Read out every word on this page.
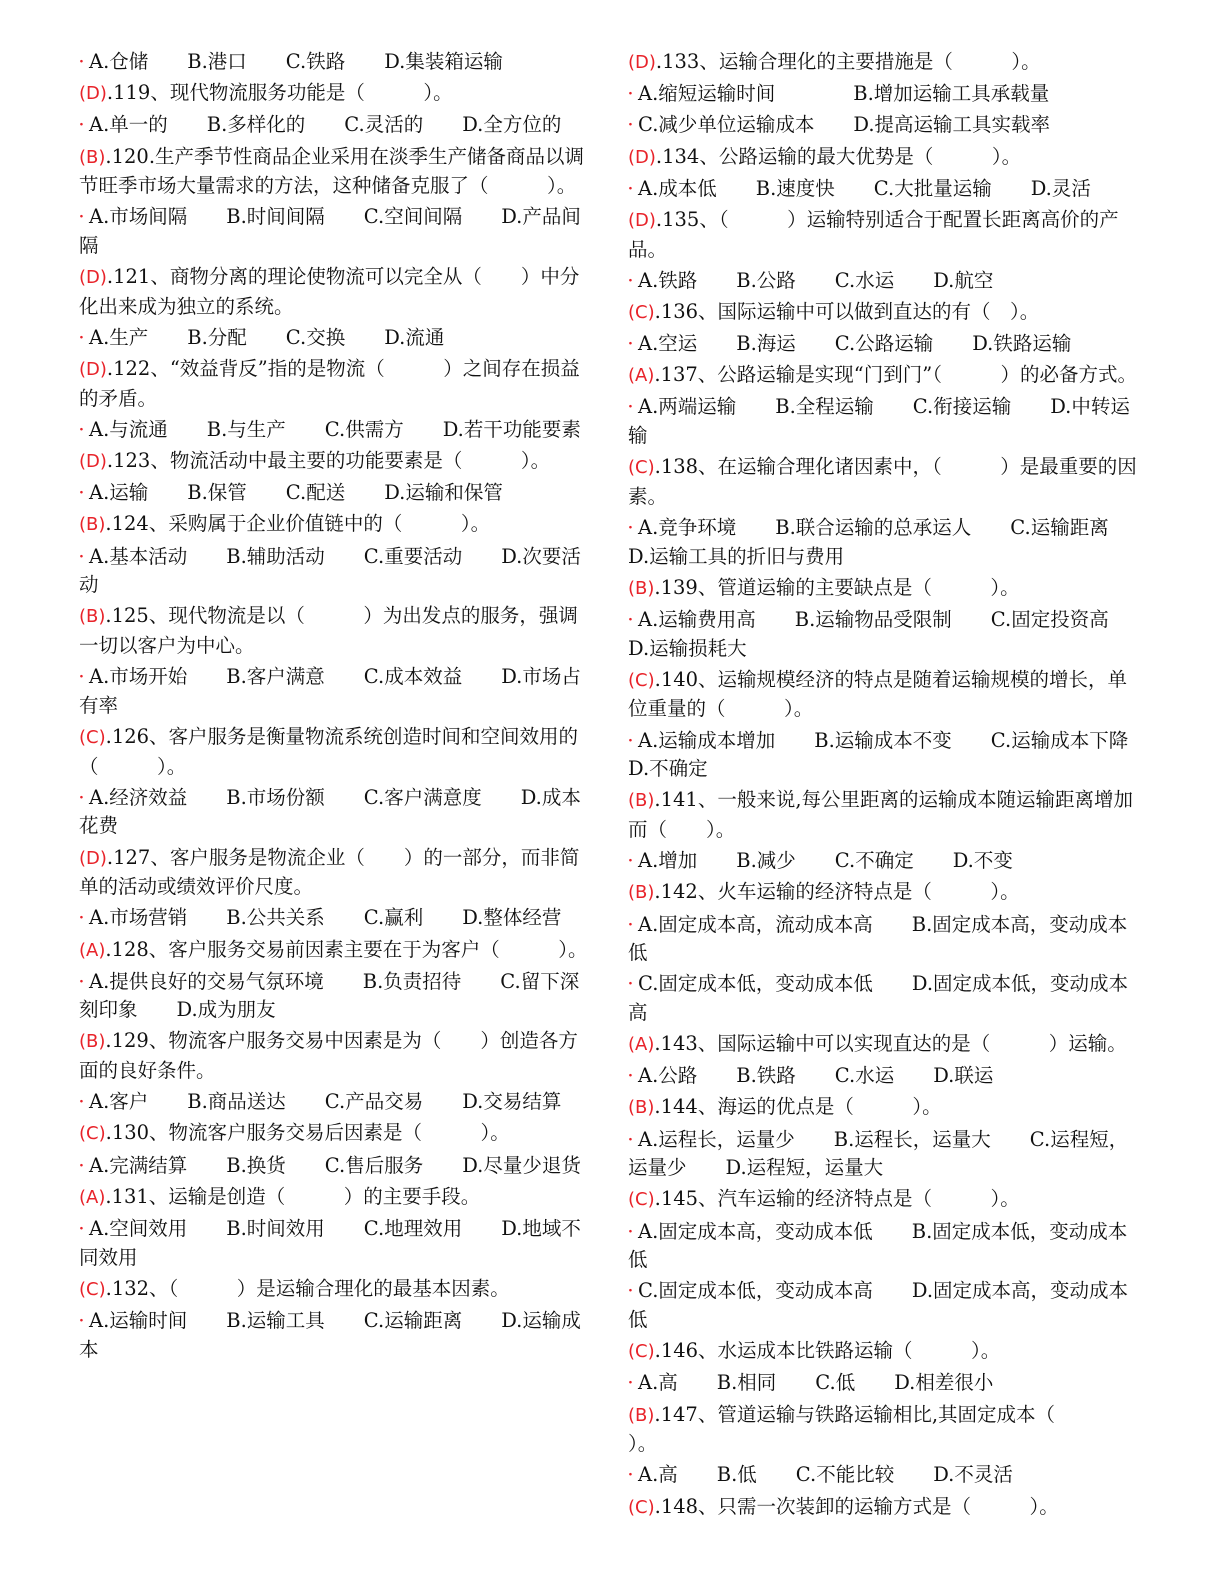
· A.仓储　　B.港口　　C.铁路　　D.集装箱运输
(D).119、现代物流服务功能是（　　　）。
· A.单一的　　B.多样化的　　C.灵活的　　D.全方位的
(B).120.生产季节性商品企业采用在淡季生产储备商品以调节旺季市场大量需求的方法，这种储备克服了（　　　）。
· A.市场间隔　　B.时间间隔　　C.空间间隔　　D.产品间隔
(D).121、商物分离的理论使物流可以完全从（　　）中分化出来成为独立的系统。
· A.生产　　B.分配　　C.交换　　D.流通
(D).122、“效益背反”指的是物流（　　　）之间存在损益的矛盾。
· A.与流通　　B.与生产　　C.供需方　　D.若干功能要素
(D).123、物流活动中最主要的功能要素是（　　　）。
· A.运输　　B.保管　　C.配送　　D.运输和保管
(B).124、采购属于企业价值链中的（　　　）。
· A.基本活动　　B.辅助活动　　C.重要活动　　D.次要活动
(B).125、现代物流是以（　　　）为出发点的服务，强调一切以客户为中心。
· A.市场开始　　B.客户满意　　C.成本效益　　D.市场占有率
(C).126、客户服务是衡量物流系统创造时间和空间效用的（　　　）。
· A.经济效益　　B.市场份额　　C.客户满意度　　D.成本花费
(D).127、客户服务是物流企业（　　）的一部分，而非简单的活动或绩效评价尺度。
· A.市场营销　　B.公共关系　　C.赢利　　D.整体经营
(A).128、客户服务交易前因素主要在于为客户（　　　）。
· A.提供良好的交易气氛环境　　B.负责招待　　C.留下深刻印象　　D.成为朋友
(B).129、物流客户服务交易中因素是为（　　）创造各方面的良好条件。
· A.客户　　B.商品送达　　C.产品交易　　D.交易结算
(C).130、物流客户服务交易后因素是（　　　）。
· A.完满结算　　B.换货　　C.售后服务　　D.尽量少退货
(A).131、运输是创造（　　　）的主要手段。
· A.空间效用　　B.时间效用　　C.地理效用　　D.地域不同效用
(C).132、（　　　）是运输合理化的最基本因素。
· A.运输时间　　B.运输工具　　C.运输距离　　D.运输成本
(D).133、运输合理化的主要措施是（　　　）。
· A.缩短运输时间　　　　B.增加运输工具承载量
· C.减少单位运输成本　　D.提高运输工具实载率
(D).134、公路运输的最大优势是（　　　）。
· A.成本低　　B.速度快　　C.大批量运输　　D.灵活
(D).135、（　　　）运输特别适合于配置长距离高价的产品。
· A.铁路　　B.公路　　C.水运　　D.航空
(C).136、国际运输中可以做到直达的有（　）。
· A.空运　　B.海运　　C.公路运输　　D.铁路运输
(A).137、公路运输是实现“门到门”（　　　）的必备方式。
· A.两端运输　　B.全程运输　　C.衔接运输　　D.中转运输
(C).138、在运输合理化诸因素中，（　　　）是最重要的因素。
· A.竞争环境　　B.联合运输的总承运人　　C.运输距离　　D.运输工具的折旧与费用
(B).139、管道运输的主要缺点是（　　　）。
· A.运输费用高　　B.运输物品受限制　　C.固定投资高　　D.运输损耗大
(C).140、运输规模经济的特点是随着运输规模的增长，单位重量的（　　　）。
· A.运输成本增加　　B.运输成本不变　　C.运输成本下降　　D.不确定
(B).141、一般来说,每公里距离的运输成本随运输距离增加而（　　）。
· A.增加　　B.减少　　C.不确定　　D.不变
(B).142、火车运输的经济特点是（　　　）。
· A.固定成本高，流动成本高　　B.固定成本高，变动成本低
· C.固定成本低，变动成本低　　D.固定成本低，变动成本高
(A).143、国际运输中可以实现直达的是（　　　）运输。
· A.公路　　B.铁路　　C.水运　　D.联运
(B).144、海运的优点是（　　　）。
· A.运程长，运量少　　B.运程长，运量大　　C.运程短，运量少　　D.运程短，运量大
(C).145、汽车运输的经济特点是（　　　）。
· A.固定成本高，变动成本低　　B.固定成本低，变动成本低
· C.固定成本低，变动成本高　　D.固定成本高，变动成本低
(C).146、水运成本比铁路运输（　　　）。
· A.高　　B.相同　　C.低　　D.相差很小
(B).147、管道运输与铁路运输相比,其固定成本（　　　）。
· A.高　　B.低　　C.不能比较　　D.不灵活
(C).148、只需一次装卸的运输方式是（　　　）。
